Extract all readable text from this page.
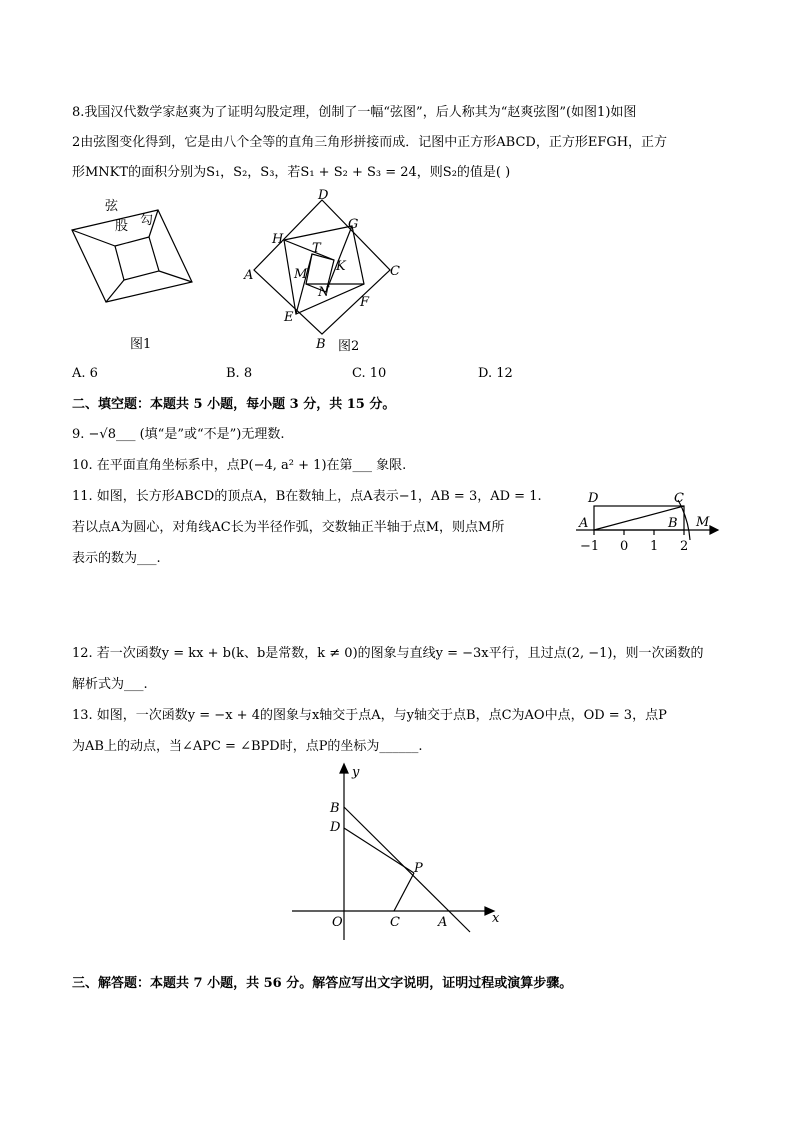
8.我国汉代数学家赵爽为了证明勾股定理，创制了一幅“弦图”，后人称其为“赵爽弦图”(如图1)如图
2由弦图变化得到，它是由八个全等的直角三角形拼接而成．记图中正方形ABCD，正方形EFGH，正方
形MNKT的面积分别为S₁，S₂，S₃，若S₁ + S₂ + S₃ = 24，则S₂的值是( )
弦
股 勾
图1
D
G
H
T
A
K	C
M
N
F
E
B 图2
A. 6	B. 8	C. 10	D. 12
二、填空题：本题共 5 小题，每小题 3 分，共 15 分。
9. −√8___ (填“是”或“不是”)无理数.
10. 在平面直角坐标系中，点P(−4, a² + 1)在第___ 象限.
11. 如图，长方形ABCD的顶点A，B在数轴上，点A表示−1，AB = 3，AD = 1.
若以点A为圆心，对角线AC长为半径作弧，交数轴正半轴于点M，则点M所
表示的数为___.
D	C
A	B M
−1 0 1 2
12. 若一次函数y = kx + b(k、b是常数，k ≠ 0)的图象与直线y = −3x平行，且过点(2, −1)，则一次函数的
解析式为___.
13. 如图，一次函数y = −x + 4的图象与x轴交于点A，与y轴交于点B，点C为AO中点，OD = 3，点P
为AB上的动点，当∠APC = ∠BPD时，点P的坐标为______.
y
x
B
D
P
O	C	A
三、解答题：本题共 7 小题，共 56 分。解答应写出文字说明，证明过程或演算步骤。
